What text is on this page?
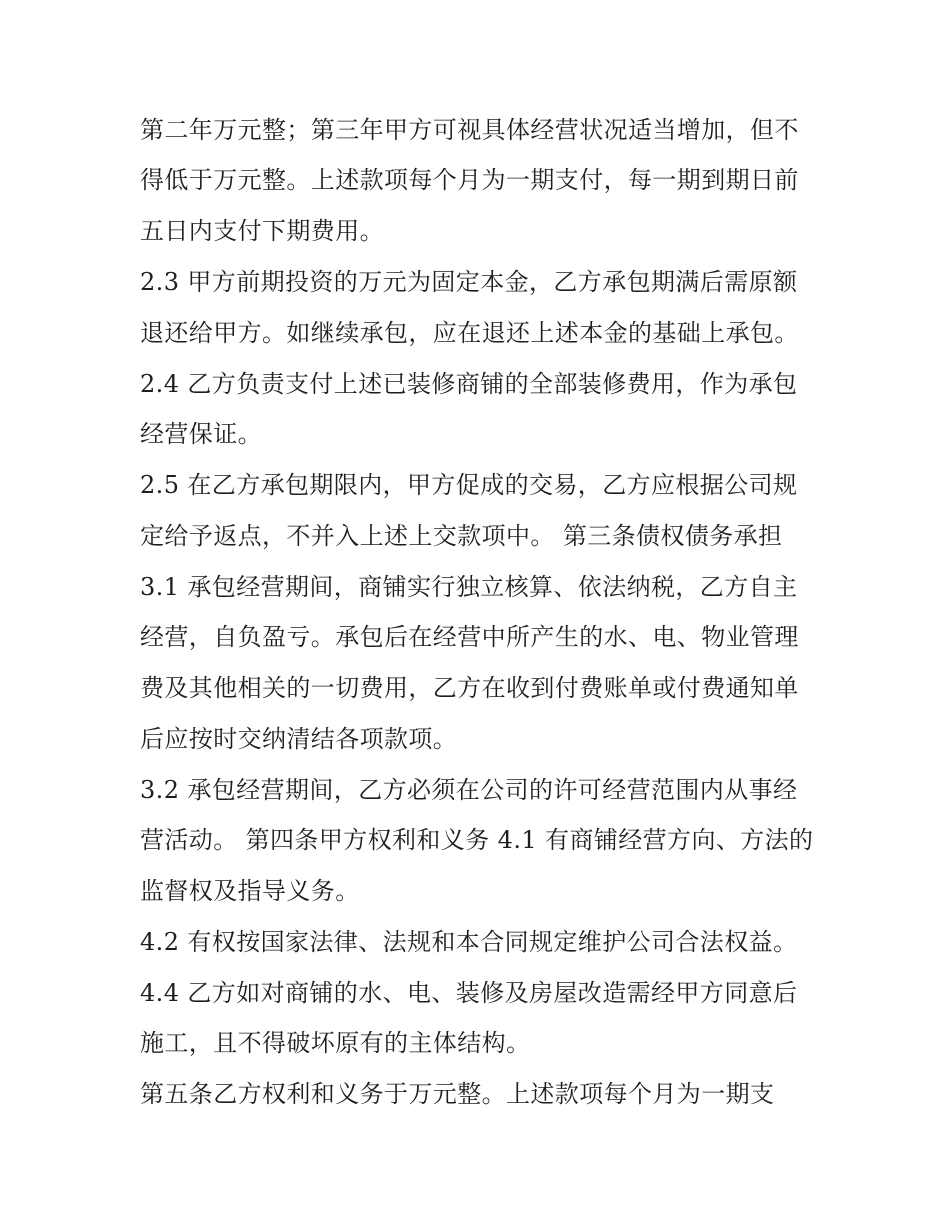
第二年万元整；第三年甲方可视具体经营状况适当增加，但不
得低于万元整。上述款项每个月为一期支付，每一期到期日前
五日内支付下期费用。
2.3 甲方前期投资的万元为固定本金，乙方承包期满后需原额
退还给甲方。如继续承包，应在退还上述本金的基础上承包。
2.4 乙方负责支付上述已装修商铺的全部装修费用，作为承包
经营保证。
2.5 在乙方承包期限内，甲方促成的交易，乙方应根据公司规
定给予返点，不并入上述上交款项中。 第三条债权债务承担
3.1 承包经营期间，商铺实行独立核算、依法纳税，乙方自主
经营，自负盈亏。承包后在经营中所产生的水、电、物业管理
费及其他相关的一切费用，乙方在收到付费账单或付费通知单
后应按时交纳清结各项款项。
3.2 承包经营期间，乙方必须在公司的许可经营范围内从事经
营活动。 第四条甲方权利和义务 4.1 有商铺经营方向、方法的
监督权及指导义务。
4.2 有权按国家法律、法规和本合同规定维护公司合法权益。
4.4 乙方如对商铺的水、电、装修及房屋改造需经甲方同意后
施工，且不得破坏原有的主体结构。
第五条乙方权利和义务于万元整。上述款项每个月为一期支
